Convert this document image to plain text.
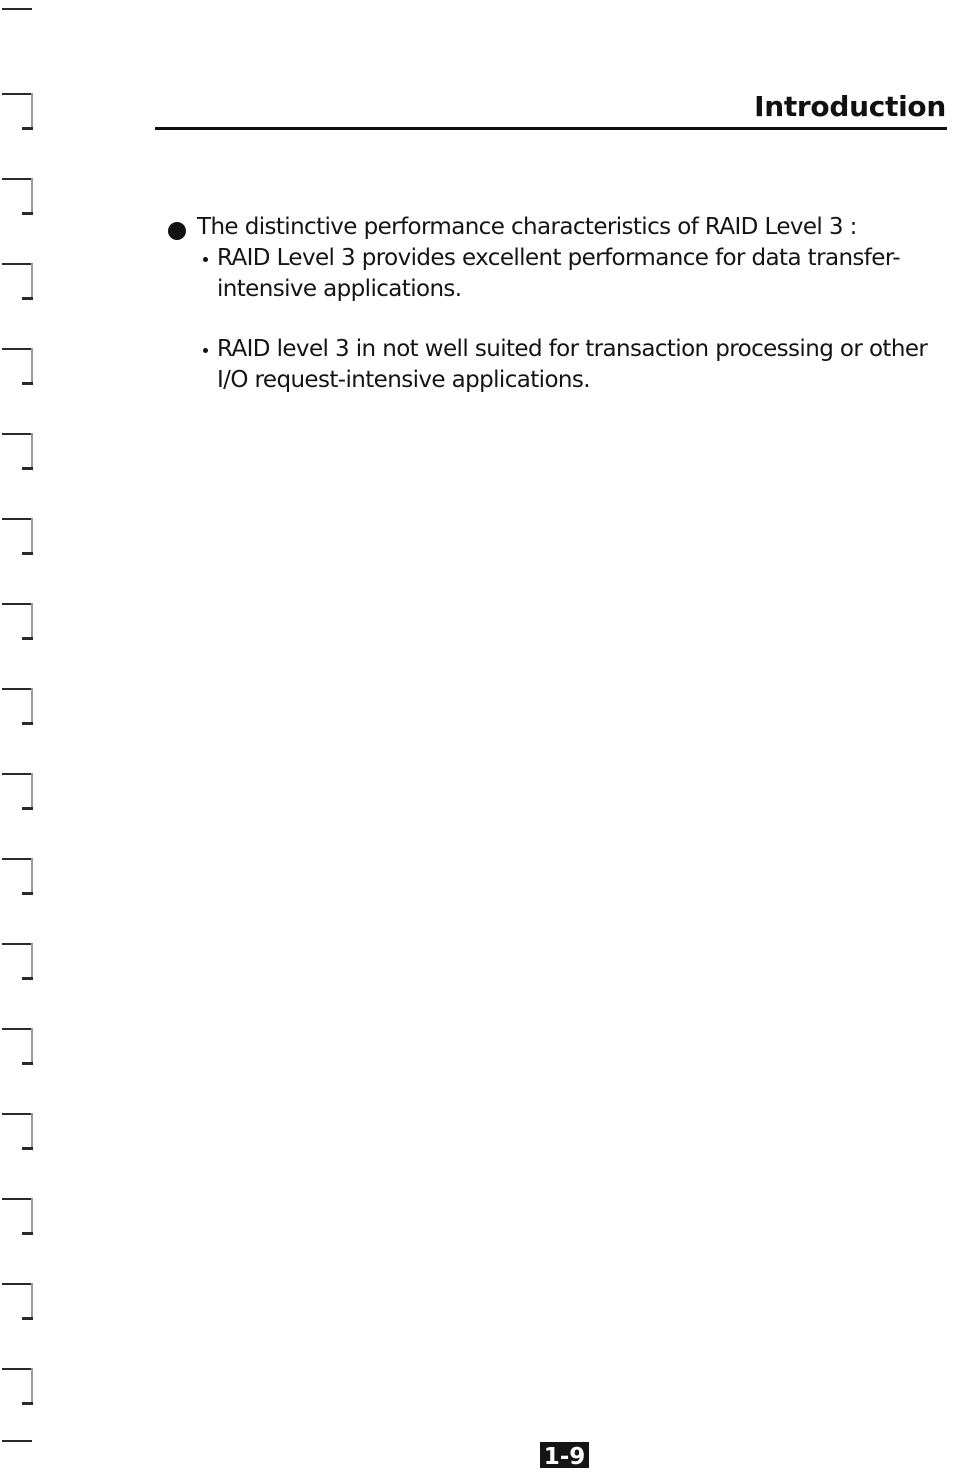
Introduction
The distinctive performance characteristics of RAID Level 3 :
RAID Level 3 provides excellent performance for data transfer-intensive applications.
RAID level 3 in not well suited for transaction processing or other I/O request-intensive applications.
1-9
